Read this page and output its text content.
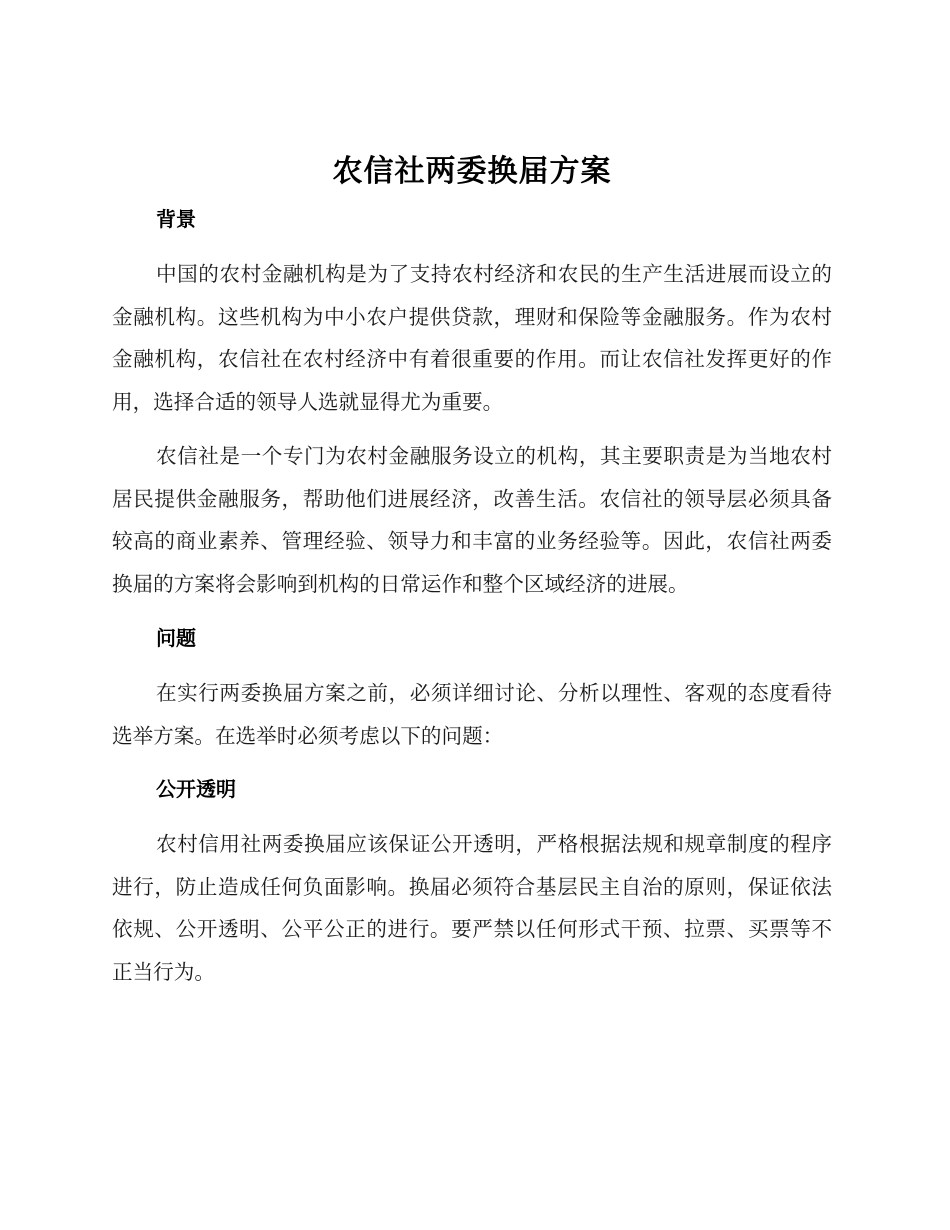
农信社两委换届方案
背景

中国的农村金融机构是为了支持农村经济和农民的生产生活进展而设立的金融机构。这些机构为中小农户提供贷款，理财和保险等金融服务。作为农村金融机构，农信社在农村经济中有着很重要的作用。而让农信社发挥更好的作用，选择合适的领导人选就显得尤为重要。

农信社是一个专门为农村金融服务设立的机构，其主要职责是为当地农村居民提供金融服务，帮助他们进展经济，改善生活。农信社的领导层必须具备较高的商业素养、管理经验、领导力和丰富的业务经验等。因此，农信社两委换届的方案将会影响到机构的日常运作和整个区域经济的进展。

问题

在实行两委换届方案之前，必须详细讨论、分析以理性、客观的态度看待选举方案。在选举时必须考虑以下的问题：

公开透明

农村信用社两委换届应该保证公开透明，严格根据法规和规章制度的程序进行，防止造成任何负面影响。换届必须符合基层民主自治的原则，保证依法依规、公开透明、公平公正的进行。要严禁以任何形式干预、拉票、买票等不正当行为。
